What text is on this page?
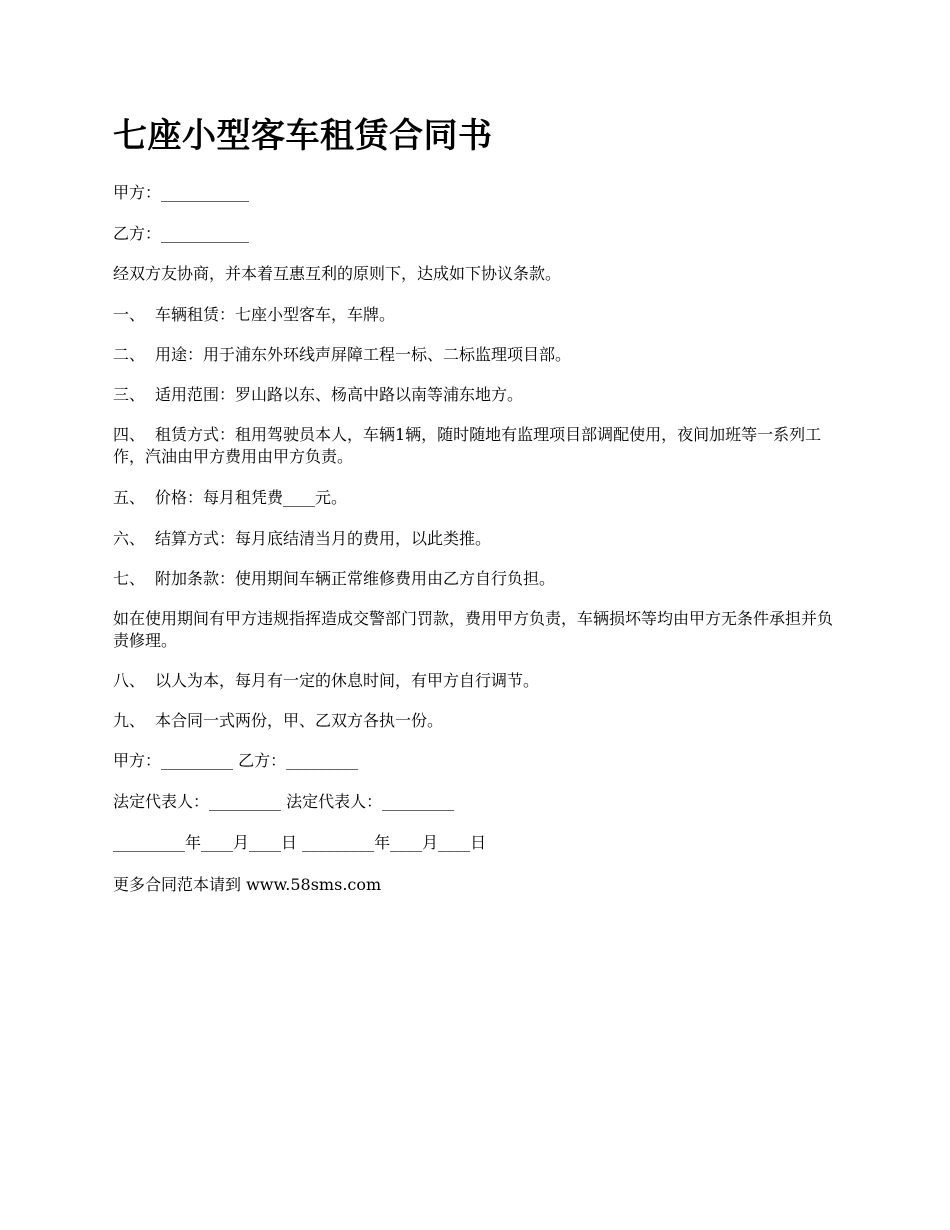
七座小型客车租赁合同书

甲方：___________

乙方：___________

经双方友协商，并本着互惠互利的原则下，达成如下协议条款。

一、 车辆租赁：七座小型客车，车牌。

二、 用途：用于浦东外环线声屏障工程一标、二标监理项目部。

三、 适用范围：罗山路以东、杨高中路以南等浦东地方。

四、 租赁方式：租用驾驶员本人，车辆1辆，随时随地有监理项目部调配使用，夜间加班等一系列工作，汽油由甲方费用由甲方负责。

五、 价格：每月租凭费____元。

六、 结算方式：每月底结清当月的费用，以此类推。

七、 附加条款：使用期间车辆正常维修费用由乙方自行负担。

如在使用期间有甲方违规指挥造成交警部门罚款，费用甲方负责，车辆损坏等均由甲方无条件承担并负责修理。

八、 以人为本，每月有一定的休息时间，有甲方自行调节。

九、 本合同一式两份，甲、乙双方各执一份。

甲方：_________ 乙方：_________

法定代表人：_________ 法定代表人：_________

_________年____月____日 _________年____月____日

更多合同范本请到 www.58sms.com
